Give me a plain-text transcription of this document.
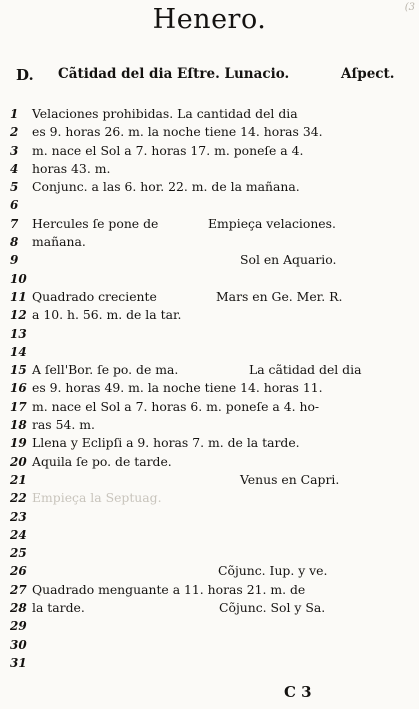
(3
Henero.
D. Cãtidad del dia Eſtre. Lunacio.	Aſpect.
1	Velaciones prohibidas. La cantidad del dia
2	es 9. horas 26. m. la noche tiene 14. horas 34.
3	m. nace el Sol a 7. horas 17. m. poneſe a 4.
4	horas 43. m.
5	Conjunc. a las 6. hor. 22. m. de la mañana.
6
7	Hercules ſe pone de	Empieça velaciones.
8	mañana.
9	Sol en Aquario.
10
11 Quadrado creciente	Mars en Ge. Mer. R.
12 a 10. h. 56. m. de la tar.
13
14
15 A ſell'Bor. ſe po. de ma.	La cãtidad del dia
16 es 9. horas 49. m. la noche tiene 14. horas 11.
17 m. nace el Sol a 7. horas 6. m. poneſe a 4. ho-
18 ras 54. m.
19 Llena y Eclipſi a 9. horas 7. m. de la tarde.
20 Aquila ſe po. de tarde.
21	Venus en Capri.
22 Empieça la Septuag.
23
24
25
26	Cõjunc. Iup. y ve.
27 Quadrado menguante a 11. horas 21. m. de
28 la tarde.	Cõjunc. Sol y Sa.
29
30
31
C 3
